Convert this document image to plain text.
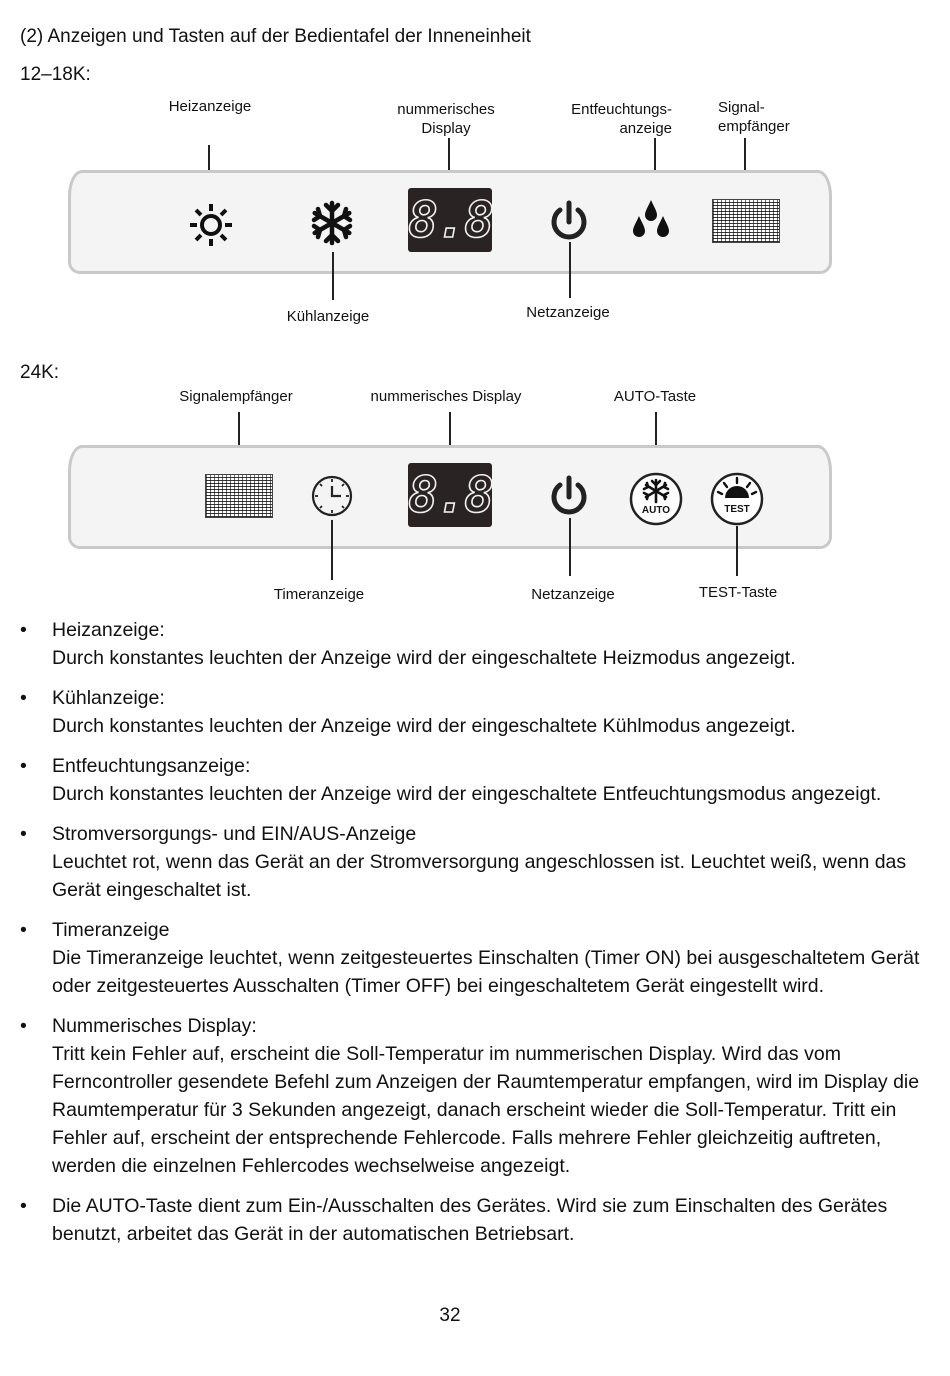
(2) Anzeigen und Tasten auf der Bedientafel der Inneneinheit
12–18K:
Heizanzeige	nummerisches Display
Entfeuchtungs- anzeige
Signal- empfänger
8.8
Kühlanzeige	Netzanzeige
24K:
Signalempfänger	nummerisches Display	AUTO-Taste
8.8	AUTO	TEST
Timeranzeige	Netzanzeige	TEST-Taste
• Heizanzeige:
Durch konstantes leuchten der Anzeige wird der eingeschaltete Heizmodus angezeigt.
• Kühlanzeige:
Durch konstantes leuchten der Anzeige wird der eingeschaltete Kühlmodus angezeigt.
• Entfeuchtungsanzeige:
Durch konstantes leuchten der Anzeige wird der eingeschaltete Entfeuchtungsmodus angezeigt.
• Stromversorgungs- und EIN/AUS-Anzeige
Leuchtet rot, wenn das Gerät an der Stromversorgung angeschlossen ist. Leuchtet weiß, wenn das Gerät eingeschaltet ist.
• Timeranzeige
Die Timeranzeige leuchtet, wenn zeitgesteuertes Einschalten (Timer ON) bei ausgeschaltetem Gerät oder zeitgesteuertes Ausschalten (Timer OFF) bei eingeschaltetem Gerät eingestellt wird.
• Nummerisches Display:
Tritt kein Fehler auf, erscheint die Soll-Temperatur im nummerischen Display. Wird das vom Ferncontroller gesendete Befehl zum Anzeigen der Raumtemperatur empfangen, wird im Display die Raumtemperatur für 3 Sekunden angezeigt, danach erscheint wieder die Soll-Temperatur. Tritt ein Fehler auf, erscheint der entsprechende Fehlercode. Falls mehrere Fehler gleichzeitig auftreten, werden die einzelnen Fehlercodes wechselweise angezeigt.
• Die AUTO-Taste dient zum Ein-/Ausschalten des Gerätes. Wird sie zum Einschalten des Gerätes benutzt, arbeitet das Gerät in der automatischen Betriebsart.
32
